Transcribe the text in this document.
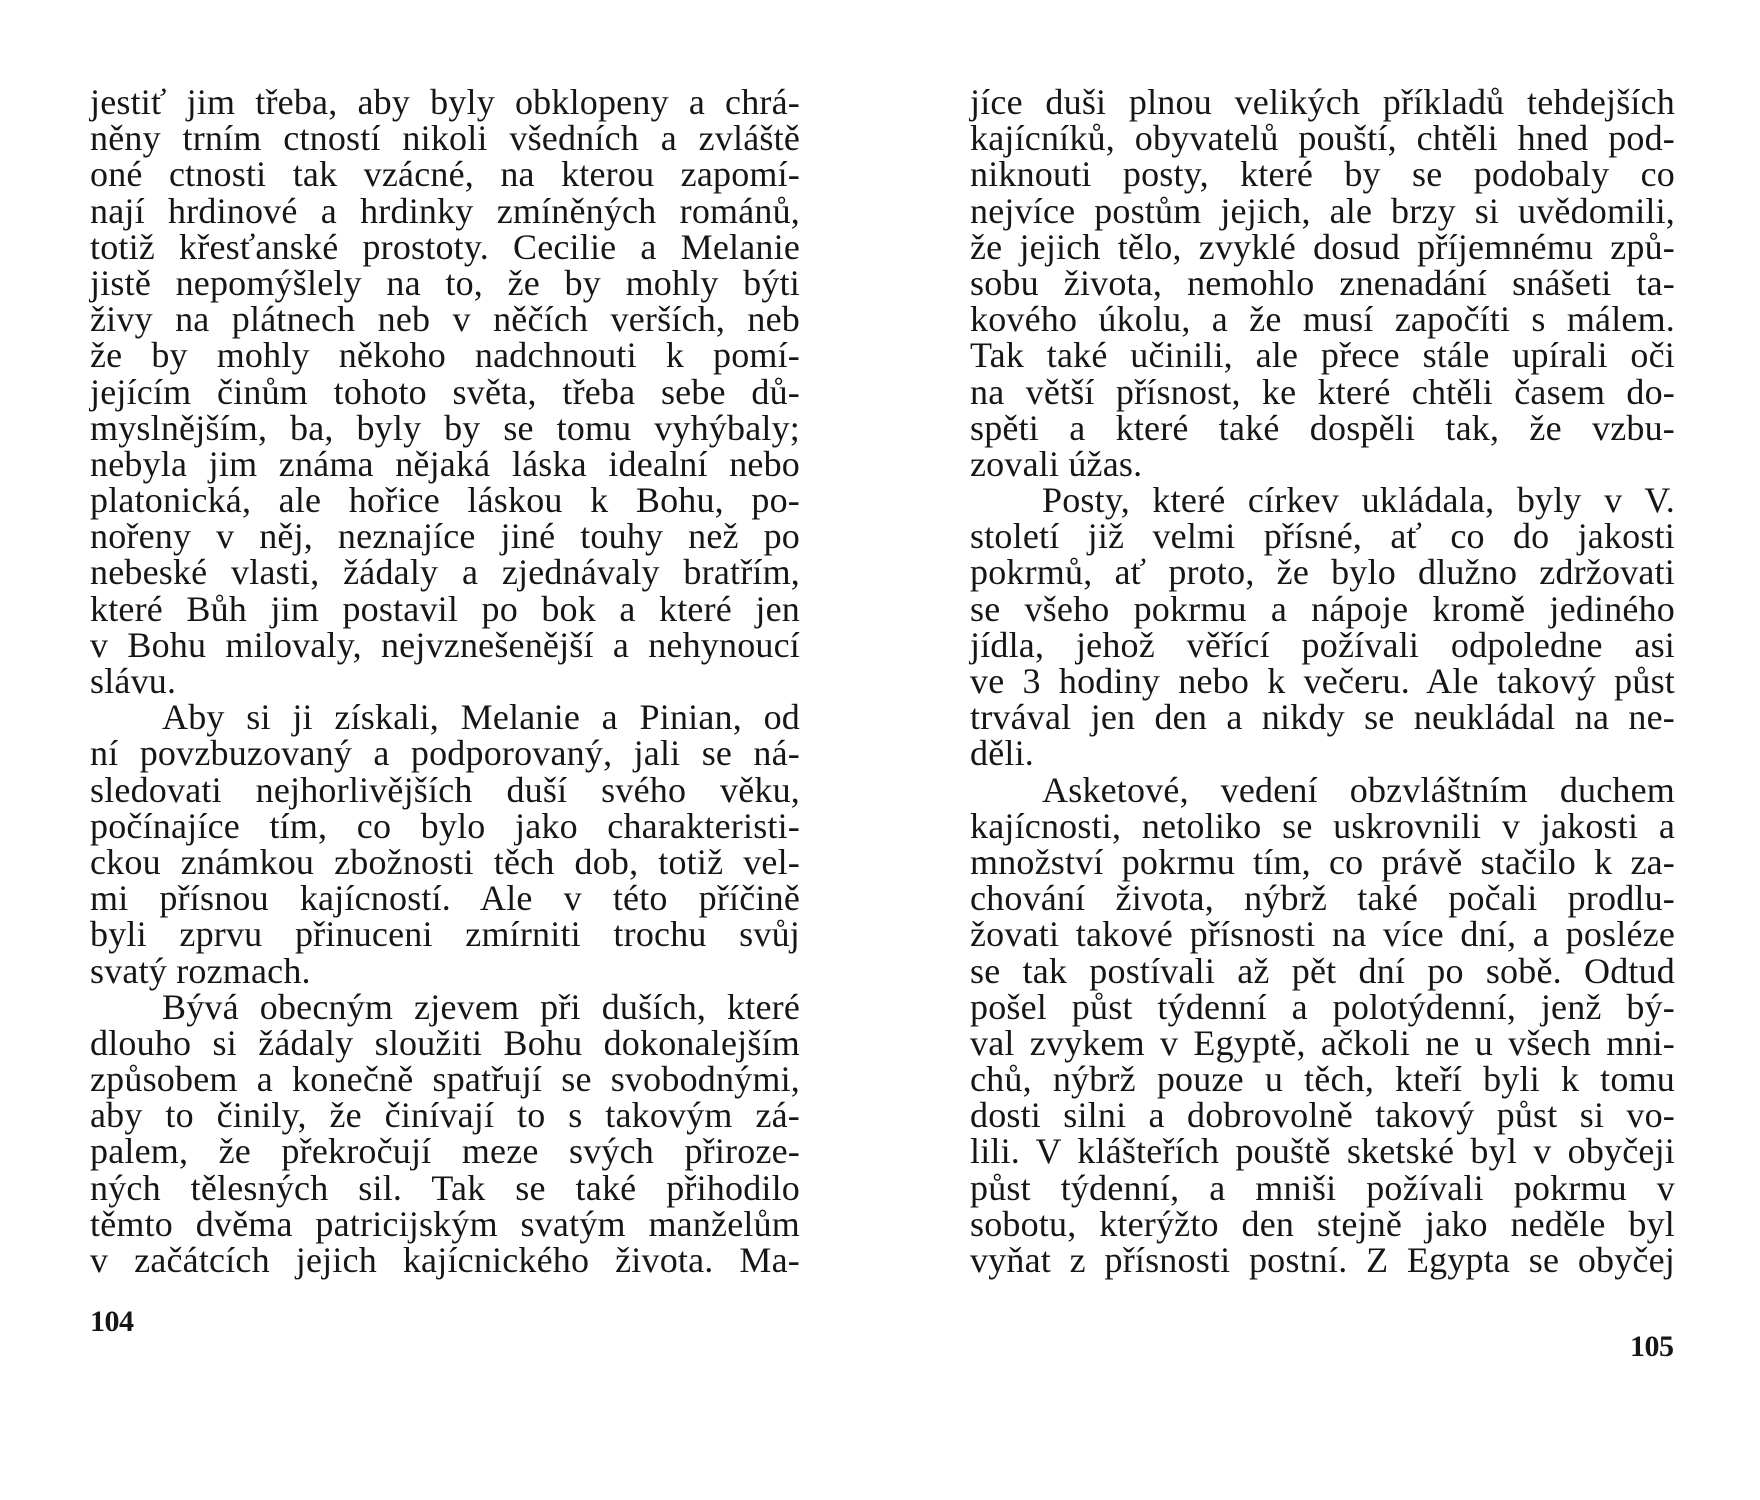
jestiť jim třeba, aby byly obklopeny a chrá-
něny trním ctností nikoli všedních a zvláště
oné ctnosti tak vzácné, na kterou zapomí-
nají hrdinové a hrdinky zmíněných románů,
totiž křesťanské prostoty. Cecilie a Melanie
jistě nepomýšlely na to, že by mohly býti
živy na plátnech neb v něčích verších, neb
že by mohly někoho nadchnouti k pomí-
jejícím činům tohoto světa, třeba sebe dů-
myslnějším, ba, byly by se tomu vyhýbaly;
nebyla jim známa nějaká láska idealní nebo
platonická, ale hořice láskou k Bohu, po-
nořeny v něj, neznajíce jiné touhy než po
nebeské vlasti, žádaly a zjednávaly bratřím,
které Bůh jim postavil po bok a které jen
v Bohu milovaly, nejvznešenější a nehynoucí
slávu.
Aby si ji získali, Melanie a Pinian, od
ní povzbuzovaný a podporovaný, jali se ná-
sledovati nejhorlivějších duší svého věku,
počínajíce tím, co bylo jako charakteristi-
ckou známkou zbožnosti těch dob, totiž vel-
mi přísnou kajícností. Ale v této příčině
byli zprvu přinuceni zmírniti trochu svůj
svatý rozmach.
Bývá obecným zjevem při duších, které
dlouho si žádaly sloužiti Bohu dokonalejším
způsobem a konečně spatřují se svobodnými,
aby to činily, že činívají to s takovým zá-
palem, že překročují meze svých přiroze-
ných tělesných sil. Tak se také přihodilo
těmto dvěma patricijským svatým manželům
v začátcích jejich kajícnického života. Ma-
104
jíce duši plnou velikých příkladů tehdejších
kajícníků, obyvatelů pouští, chtěli hned pod-
niknouti posty, které by se podobaly co
nejvíce postům jejich, ale brzy si uvědomili,
že jejich tělo, zvyklé dosud příjemnému způ-
sobu života, nemohlo znenadání snášeti ta-
kového úkolu, a že musí započíti s málem.
Tak také učinili, ale přece stále upírali oči
na větší přísnost, ke které chtěli časem do-
spěti a které také dospěli tak, že vzbu-
zovali úžas.
Posty, které církev ukládala, byly v V.
století již velmi přísné, ať co do jakosti
pokrmů, ať proto, že bylo dlužno zdržovati
se všeho pokrmu a nápoje kromě jediného
jídla, jehož věřící požívali odpoledne asi
ve 3 hodiny nebo k večeru. Ale takový půst
trvával jen den a nikdy se neukládal na ne-
děli.
Asketové, vedení obzvláštním duchem
kajícnosti, netoliko se uskrovnili v jakosti a
množství pokrmu tím, co právě stačilo k za-
chování života, nýbrž také počali prodlu-
žovati takové přísnosti na více dní, a posléze
se tak postívali až pět dní po sobě. Odtud
pošel půst týdenní a polotýdenní, jenž bý-
val zvykem v Egyptě, ačkoli ne u všech mni-
chů, nýbrž pouze u těch, kteří byli k tomu
dosti silni a dobrovolně takový půst si vo-
lili. V klášteřích pouště sketské byl v obyčeji
půst týdenní, a mniši požívali pokrmu v
sobotu, kterýžto den stejně jako neděle byl
vyňat z přísnosti postní. Z Egypta se obyčej
105
